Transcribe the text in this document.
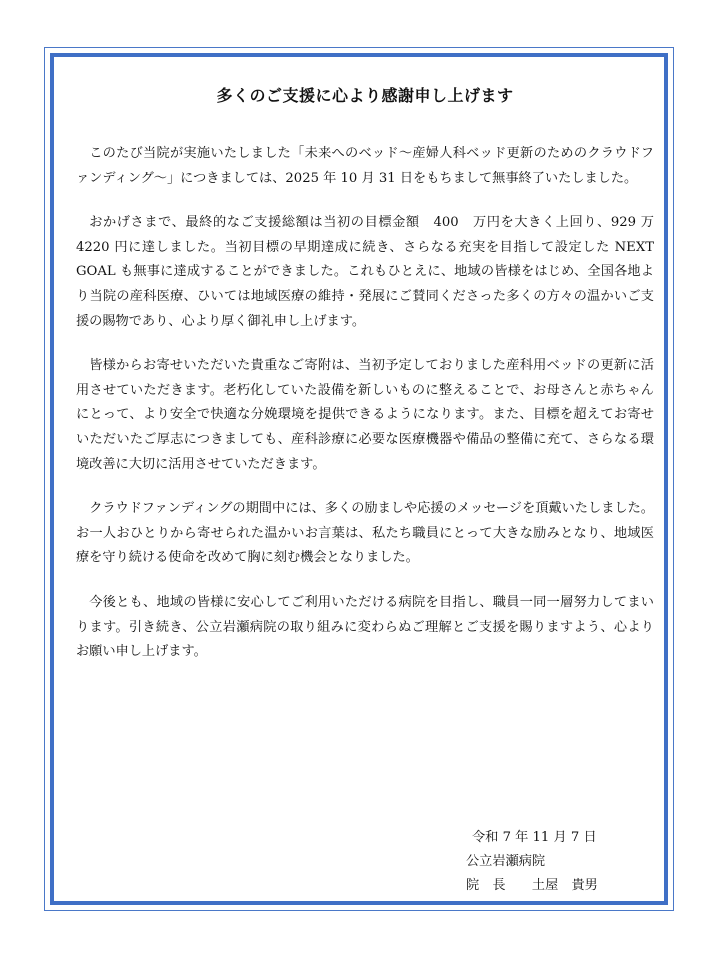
多くのご支援に心より感謝申し上げます

このたび当院が実施いたしました「未来へのベッド～産婦人科ベッド更新のためのクラウドファンディング～」につきましては、2025 年 10 月 31 日をもちまして無事終了いたしました。

おかげさまで、最終的なご支援総額は当初の目標金額　400　万円を大きく上回り、929 万 4220 円に達しました。当初目標の早期達成に続き、さらなる充実を目指して設定した NEXT　GOAL も無事に達成することができました。これもひとえに、地域の皆様をはじめ、全国各地より当院の産科医療、ひいては地域医療の維持・発展にご賛同くださった多くの方々の温かいご支援の賜物であり、心より厚く御礼申し上げます。

皆様からお寄せいただいた貴重なご寄附は、当初予定しておりました産科用ベッドの更新に活用させていただきます。老朽化していた設備を新しいものに整えることで、お母さんと赤ちゃんにとって、より安全で快適な分娩環境を提供できるようになります。また、目標を超えてお寄せいただいたご厚志につきましても、産科診療に必要な医療機器や備品の整備に充て、さらなる環境改善に大切に活用させていただきます。

クラウドファンディングの期間中には、多くの励ましや応援のメッセージを頂戴いたしました。お一人おひとりから寄せられた温かいお言葉は、私たち職員にとって大きな励みとなり、地域医療を守り続ける使命を改めて胸に刻む機会となりました。

今後とも、地域の皆様に安心してご利用いただける病院を目指し、職員一同一層努力してまいります。引き続き、公立岩瀬病院の取り組みに変わらぬご理解とご支援を賜りますよう、心よりお願い申し上げます。

令和 7 年 11 月 7 日
公立岩瀬病院
院　長　　土屋　貴男
